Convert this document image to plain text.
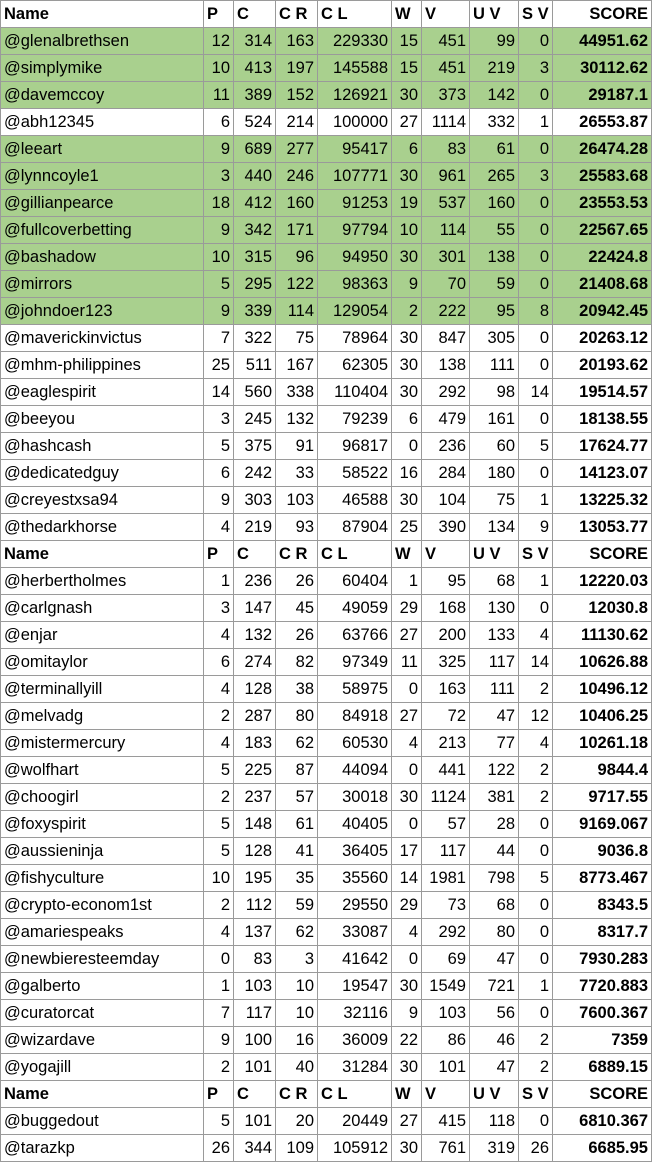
Name	P	C	C R	C L	W	V	U V	S V	SCORE
@glenalbrethsen	12	314	163	229330	15	451	99	0	44951.62
@simplymike	10	413	197	145588	15	451	219	3	30112.62
@davemccoy	11	389	152	126921	30	373	142	0	29187.1
@abh12345	6	524	214	100000	27	1114	332	1	26553.87
@leeart	9	689	277	95417	6	83	61	0	26474.28
@lynncoyle1	3	440	246	107771	30	961	265	3	25583.68
@gillianpearce	18	412	160	91253	19	537	160	0	23553.53
@fullcoverbetting	9	342	171	97794	10	114	55	0	22567.65
@bashadow	10	315	96	94950	30	301	138	0	22424.8
@mirrors	5	295	122	98363	9	70	59	0	21408.68
@johndoer123	9	339	114	129054	2	222	95	8	20942.45
@maverickinvictus	7	322	75	78964	30	847	305	0	20263.12
@mhm-philippines	25	511	167	62305	30	138	111	0	20193.62
@eaglespirit	14	560	338	110404	30	292	98	14	19514.57
@beeyou	3	245	132	79239	6	479	161	0	18138.55
@hashcash	5	375	91	96817	0	236	60	5	17624.77
@dedicatedguy	6	242	33	58522	16	284	180	0	14123.07
@creyestxsa94	9	303	103	46588	30	104	75	1	13225.32
@thedarkhorse	4	219	93	87904	25	390	134	9	13053.77
Name	P	C	C R	C L	W	V	U V	S V	SCORE
@herbertholmes	1	236	26	60404	1	95	68	1	12220.03
@carlgnash	3	147	45	49059	29	168	130	0	12030.8
@enjar	4	132	26	63766	27	200	133	4	11130.62
@omitaylor	6	274	82	97349	11	325	117	14	10626.88
@terminallyill	4	128	38	58975	0	163	111	2	10496.12
@melvadg	2	287	80	84918	27	72	47	12	10406.25
@mistermercury	4	183	62	60530	4	213	77	4	10261.18
@wolfhart	5	225	87	44094	0	441	122	2	9844.4
@choogirl	2	237	57	30018	30	1124	381	2	9717.55
@foxyspirit	5	148	61	40405	0	57	28	0	9169.067
@aussieninja	5	128	41	36405	17	117	44	0	9036.8
@fishyculture	10	195	35	35560	14	1981	798	5	8773.467
@crypto-econom1st	2	112	59	29550	29	73	68	0	8343.5
@amariespeaks	4	137	62	33087	4	292	80	0	8317.7
@newbieresteemday	0	83	3	41642	0	69	47	0	7930.283
@galberto	1	103	10	19547	30	1549	721	1	7720.883
@curatorcat	7	117	10	32116	9	103	56	0	7600.367
@wizardave	9	100	16	36009	22	86	46	2	7359
@yogajill	2	101	40	31284	30	101	47	2	6889.15
Name	P	C	C R	C L	W	V	U V	S V	SCORE
@buggedout	5	101	20	20449	27	415	118	0	6810.367
@tarazkp	26	344	109	105912	30	761	319	26	6685.95
